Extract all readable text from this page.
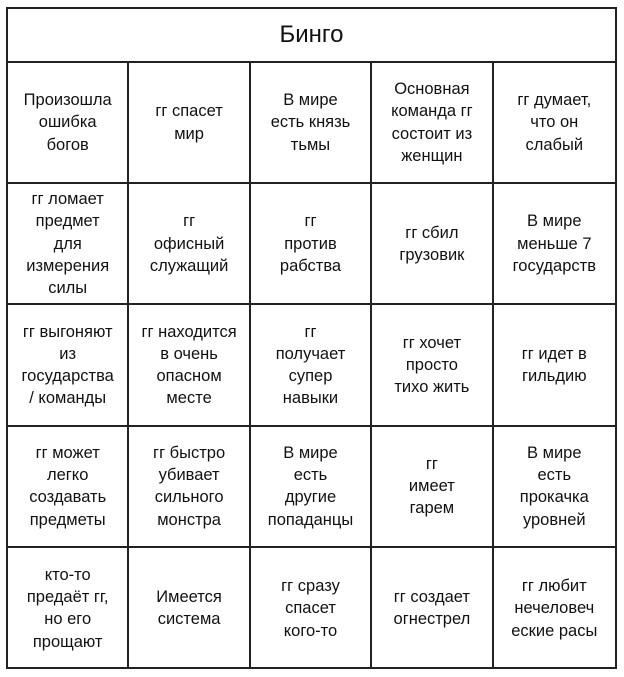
Бинго
Произошла
ошибка
богов
гг спасет
мир
В мире
есть князь
тьмы
Основная
команда гг
состоит из
женщин
гг думает,
что он
слабый
гг ломает
предмет
для
измерения
силы
гг
офисный
служащий
гг
против
рабства
гг сбил
грузовик
В мире
меньше 7
государств
гг выгоняют
из
государства
/ команды
гг находится
в очень
опасном
месте
гг
получает
супер
навыки
гг хочет
просто
тихо жить
гг идет в
гильдию
гг может
легко
создавать
предметы
гг быстро
убивает
сильного
монстра
В мире
есть
другие
попаданцы
гг
имеет
гарем
В мире
есть
прокачка
уровней
кто-то
предаёт гг,
но его
прощают
Имеется
система
гг сразу
спасет
кого-то
гг создает
огнестрел
гг любит
нечеловеч
еские расы
